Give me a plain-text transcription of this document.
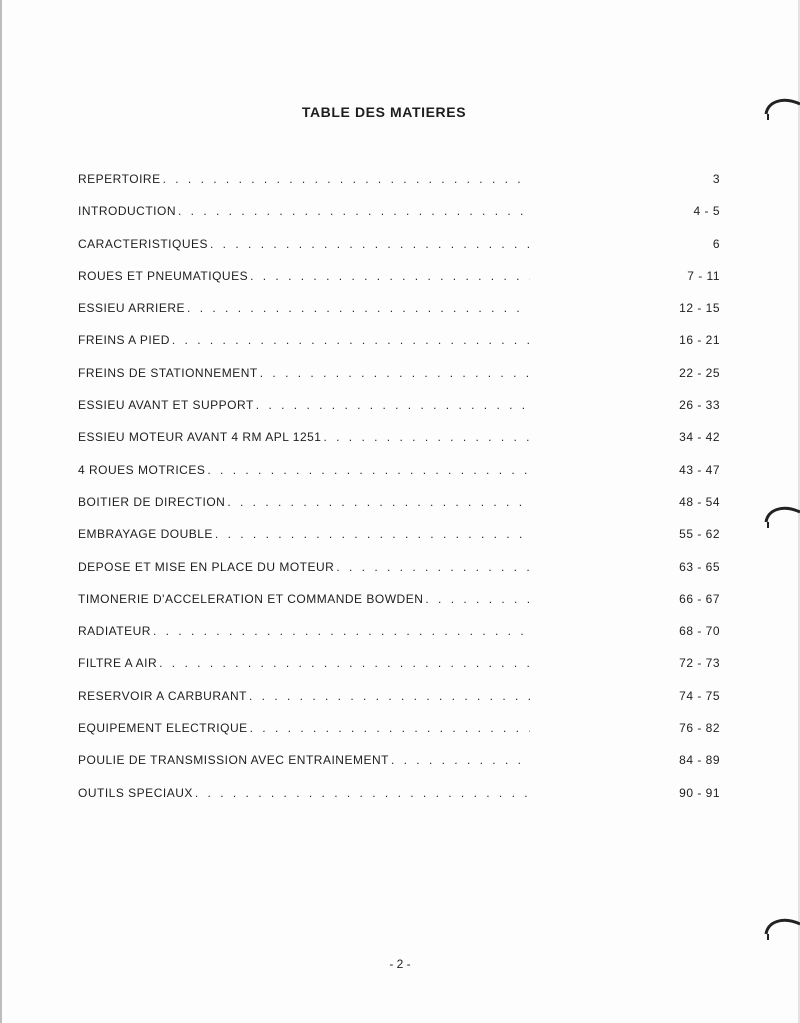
TABLE DES MATIERES
REPERTOIRE . . .	3
INTRODUCTION . . .	4 - 5
CARACTERISTIQUES . . .	6
ROUES ET PNEUMATIQUES . . .	7 - 11
ESSIEU ARRIERE . . .	12 - 15
FREINS A PIED . . .	16 - 21
FREINS DE STATIONNEMENT . . .	22 - 25
ESSIEU AVANT ET SUPPORT . . .	26 - 33
ESSIEU MOTEUR AVANT 4 RM APL 1251 . . .	34 - 42
4 ROUES MOTRICES . . .	43 - 47
BOITIER DE DIRECTION . . .	48 - 54
EMBRAYAGE DOUBLE . . .	55 - 62
DEPOSE ET MISE EN PLACE DU MOTEUR . . .	63 - 65
TIMONERIE D'ACCELERATION ET COMMANDE BOWDEN . . .	66 - 67
RADIATEUR . . .	68 - 70
FILTRE A AIR . . .	72 - 73
RESERVOIR A CARBURANT . . .	74 - 75
EQUIPEMENT ELECTRIQUE . . .	76 - 82
POULIE DE TRANSMISSION AVEC ENTRAINEMENT . . .	84 - 89
OUTILS SPECIAUX . . .	90 - 91

- 2 -
